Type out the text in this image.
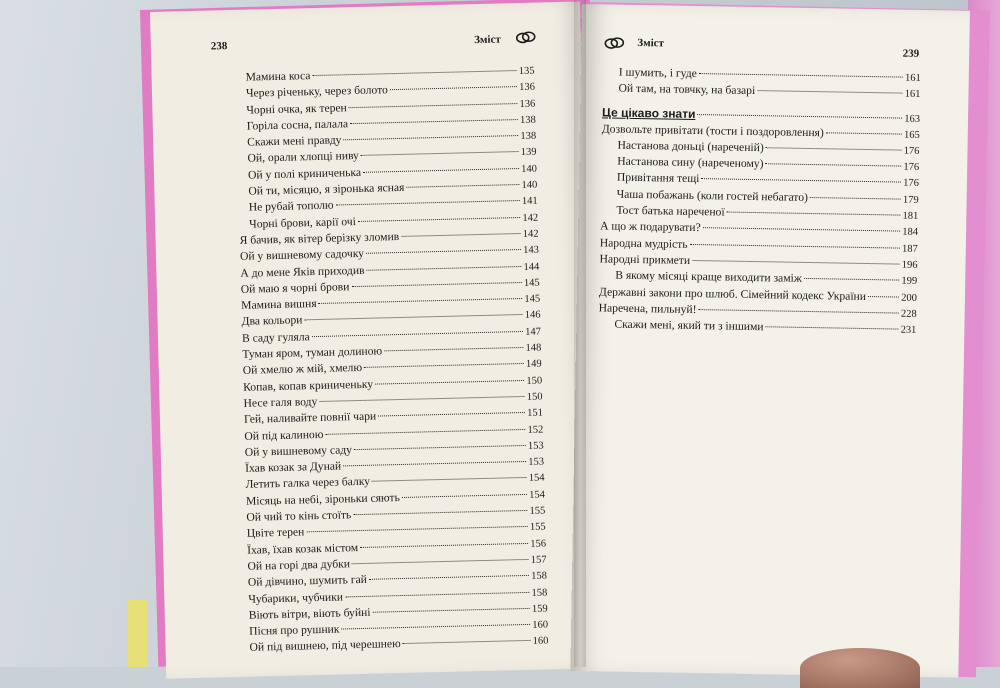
238
Зміст
Мамина коса	135
Через річеньку, через болото	136
Чорні очка, як терен	136
Горіла сосна, палала	138
Скажи мені правду	138
Ой, орали хлопці ниву	139
Ой у полі криниченька	140
Ой ти, місяцю, я зіронька ясная	140
Не рубай тополю	141
Чорні брови, карії очі	142
Я бачив, як вітер берізку зломив	142
Ой у вишневому садочку	143
А до мене Яків приходив	144
Ой маю я чорні брови	145
Мамина вишня	145
Два кольори	146
В саду гуляла	147
Туман яром, туман долиною	148
Ой хмелю ж мій, хмелю	149
Копав, копав криниченьку	150
Несе галя воду	150
Гей, наливайте повнії чари	151
Ой під калиною	152
Ой у вишневому саду	153
Їхав козак за Дунай	153
Летить галка через балку	154
Місяць на небі, зіроньки сяють	154
Ой чий то кінь стоїть	155
Цвіте терен	155
Їхав, їхав козак містом	156
Ой на горі два дубки	157
Ой дівчино, шумить гай	158
Чубарики, чубчики	158
Віють вітри, віють буйні	159
Пісня про рушник	160
Ой під вишнею, під черешнею	160
Зміст
239
І шумить, і гуде	161
Ой там, на товчку, на базарі	161
Це цікаво знати	163
Дозвольте привітати (тости і поздоровлення)	165
Настанова доньці (нареченій)	176
Настанова сину (нареченому)	176
Привітання тещі	176
Чаша побажань (коли гостей небагато)	179
Тост батька нареченої	181
А що ж подарувати?	184
Народна мудрість	187
Народні прикмети	196
В якому місяці краще виходити заміж	199
Державні закони про шлюб. Сімейний кодекс України	200
Наречена, пильнуй!	228
Скажи мені, який ти з іншими	231
